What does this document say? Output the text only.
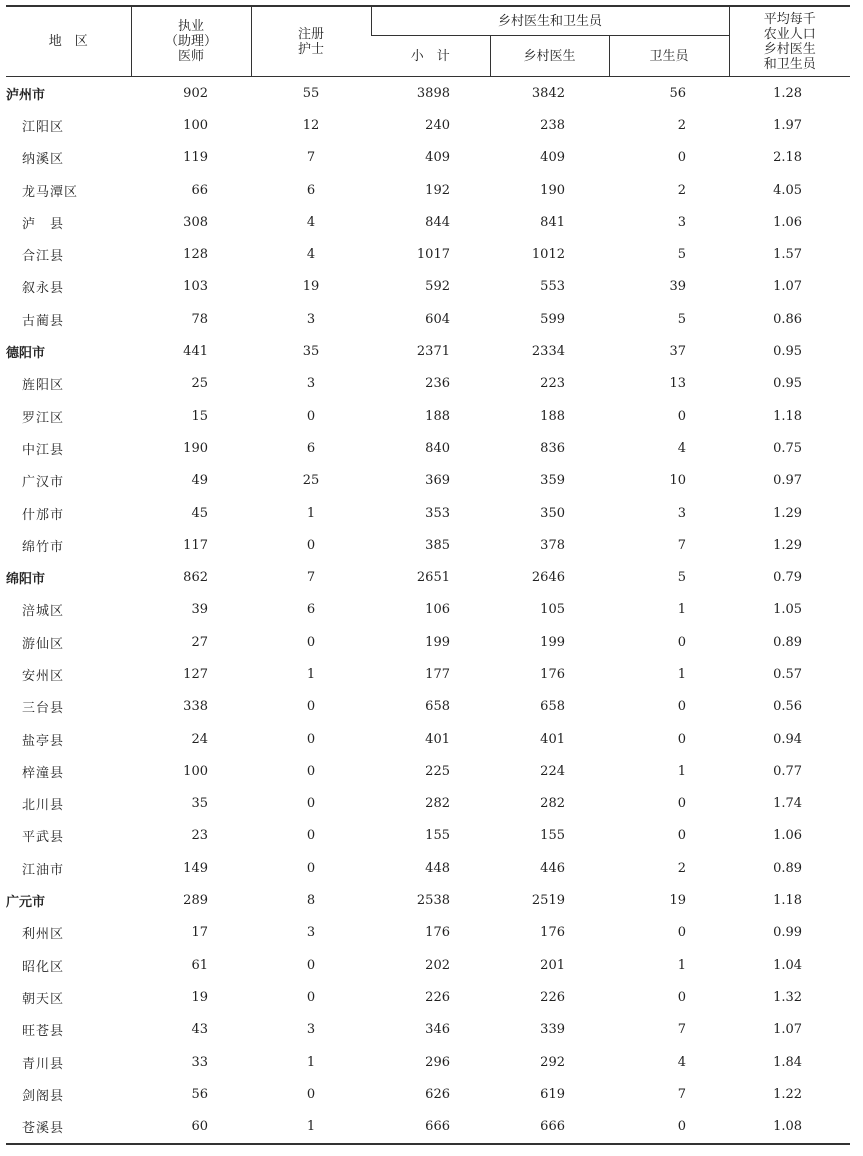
地　区	执业
（助理）
医师	注册
护士	乡村医生和卫生员			平均每千
农业人口
乡村医生
和卫生员

			小　计	乡村医生	卫生员	
泸州市	902	55	3898	3842	56	1.28
江阳区	100	12	240	238	2	1.97
纳溪区	119	7	409	409	0	2.18
龙马潭区	66	6	192	190	2	4.05
泸　县	308	4	844	841	3	1.06
合江县	128	4	1017	1012	5	1.57
叙永县	103	19	592	553	39	1.07
古蔺县	78	3	604	599	5	0.86
德阳市	441	35	2371	2334	37	0.95
旌阳区	25	3	236	223	13	0.95
罗江区	15	0	188	188	0	1.18
中江县	190	6	840	836	4	0.75
广汉市	49	25	369	359	10	0.97
什邡市	45	1	353	350	3	1.29
绵竹市	117	0	385	378	7	1.29
绵阳市	862	7	2651	2646	5	0.79
涪城区	39	6	106	105	1	1.05
游仙区	27	0	199	199	0	0.89
安州区	127	1	177	176	1	0.57
三台县	338	0	658	658	0	0.56
盐亭县	24	0	401	401	0	0.94
梓潼县	100	0	225	224	1	0.77
北川县	35	0	282	282	0	1.74
平武县	23	0	155	155	0	1.06
江油市	149	0	448	446	2	0.89
广元市	289	8	2538	2519	19	1.18
利州区	17	3	176	176	0	0.99
昭化区	61	0	202	201	1	1.04
朝天区	19	0	226	226	0	1.32
旺苍县	43	3	346	339	7	1.07
青川县	33	1	296	292	4	1.84
剑阁县	56	0	626	619	7	1.22
苍溪县	60	1	666	666	0	1.08
